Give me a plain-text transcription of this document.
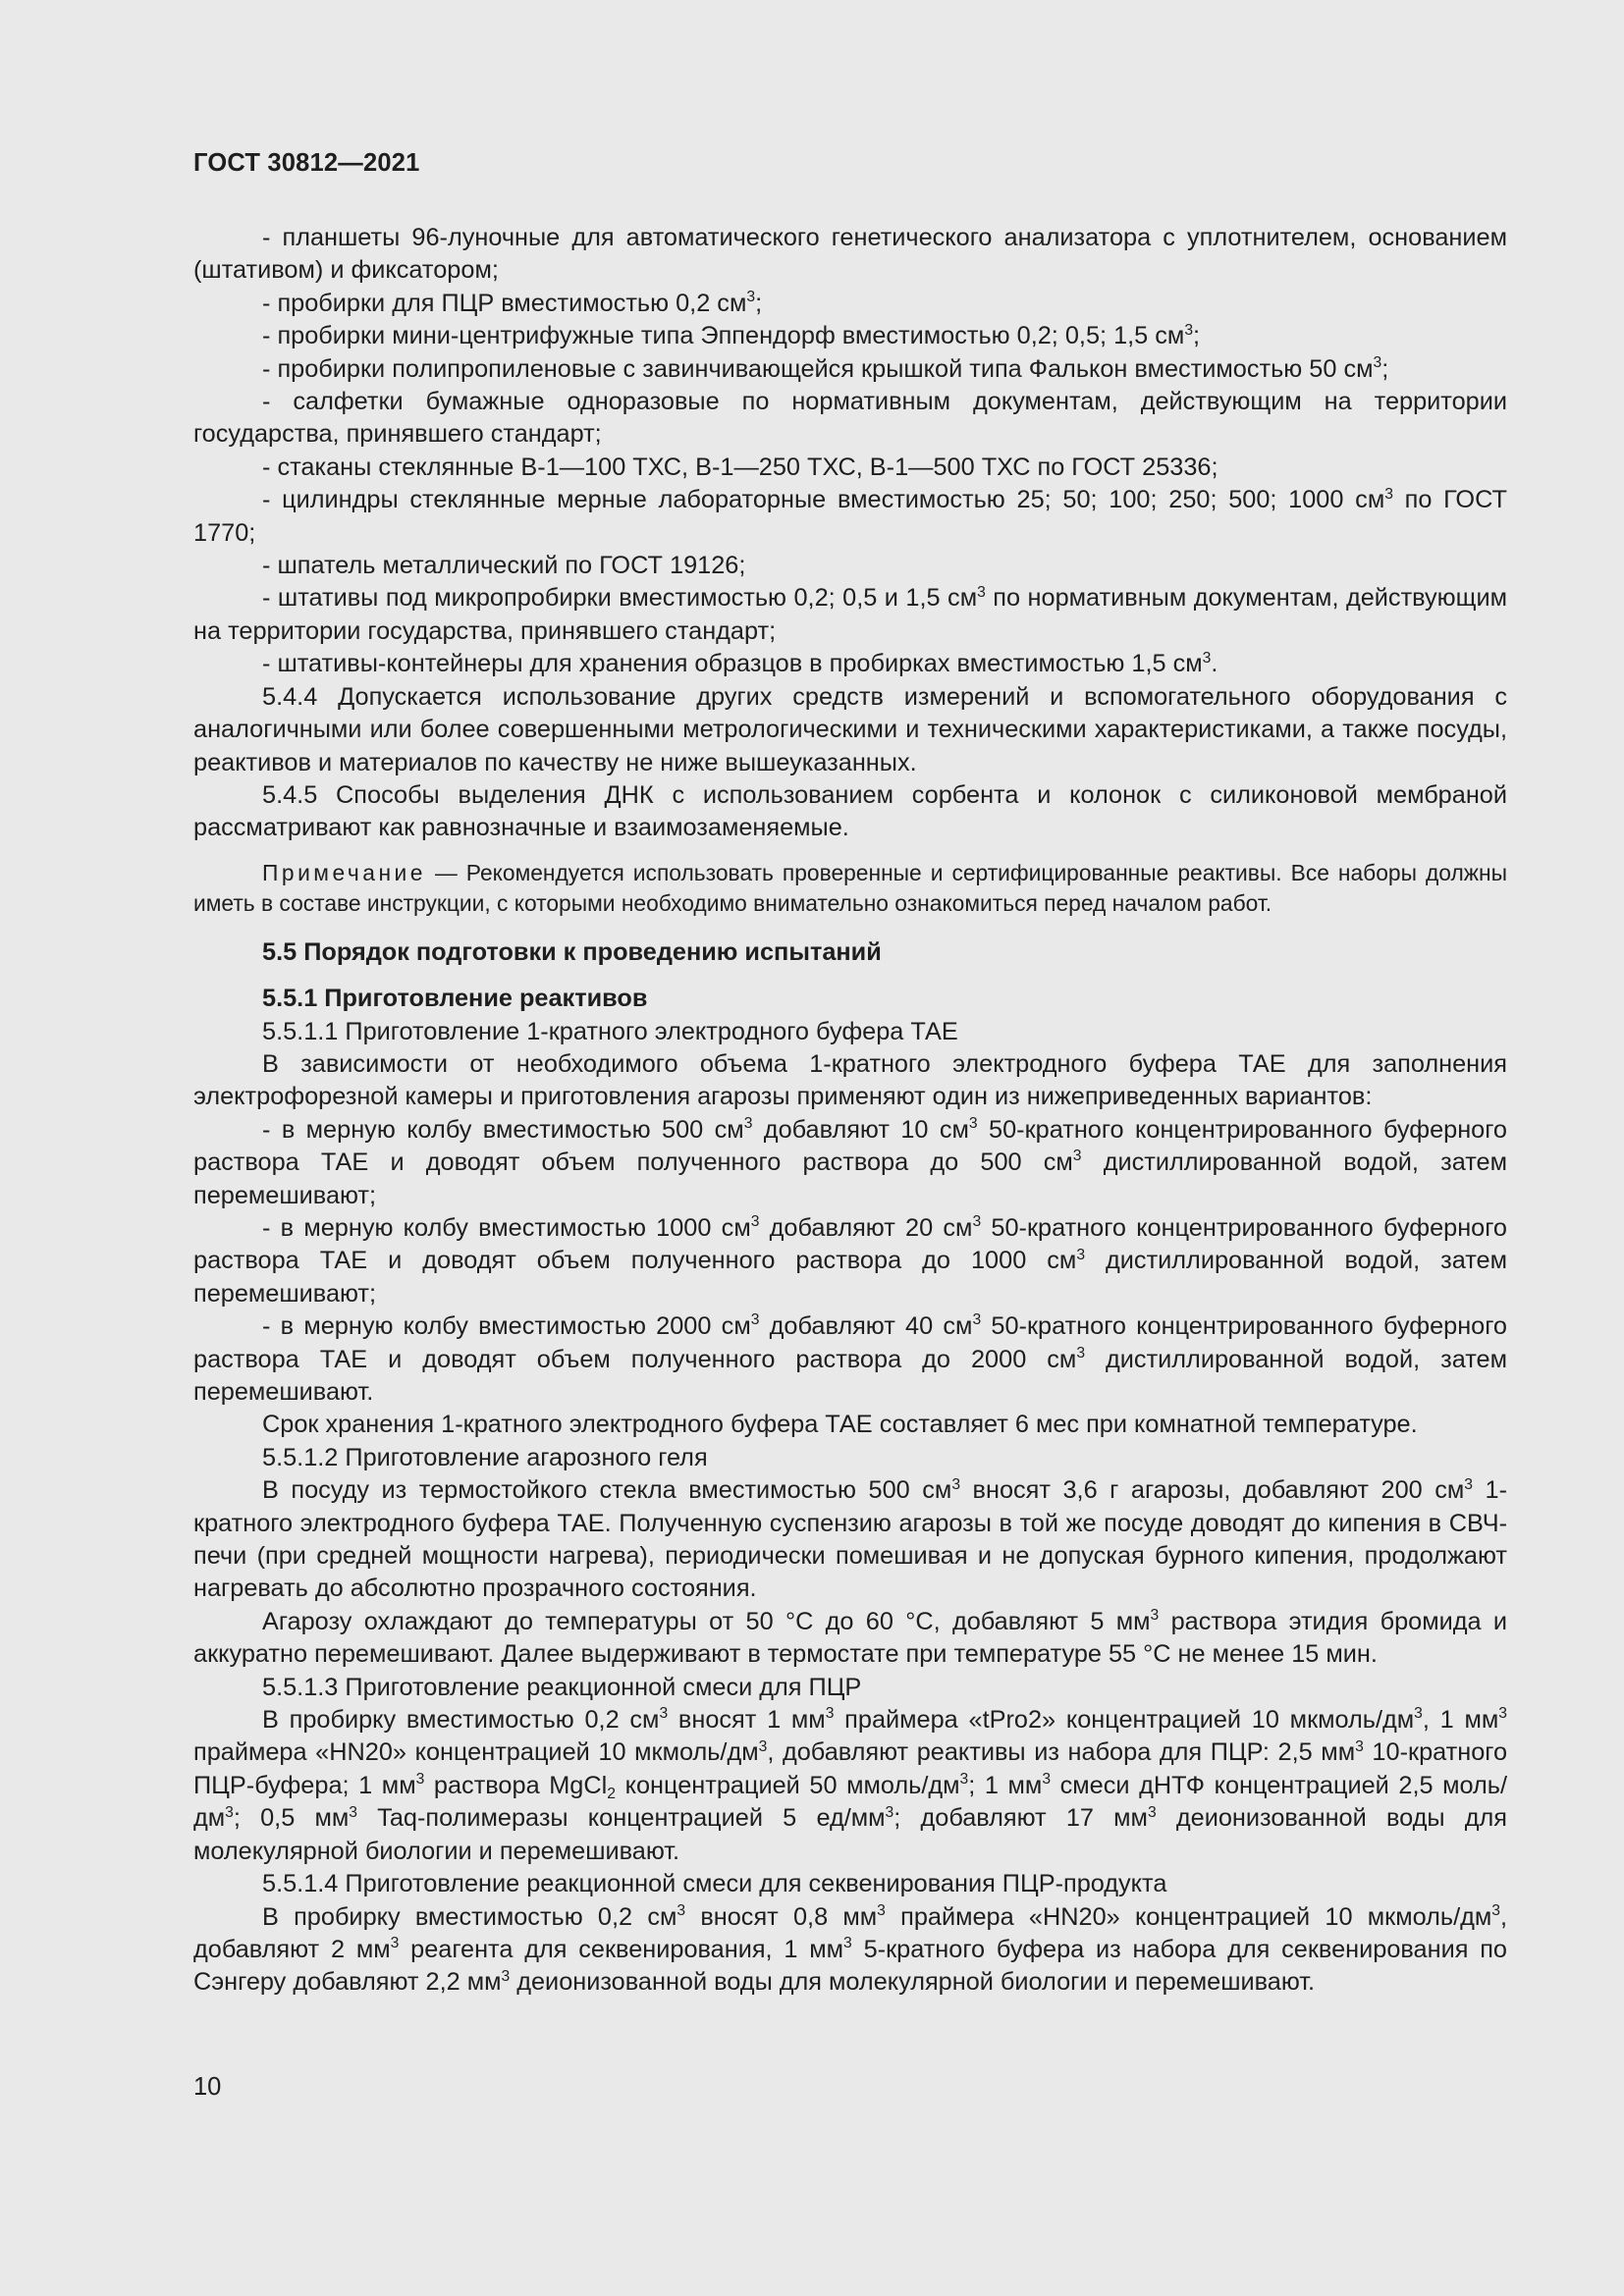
ГОСТ 30812—2021

- планшеты 96-луночные для автоматического генетического анализатора с уплотнителем, основанием (штативом) и фиксатором;

- пробирки для ПЦР вместимостью 0,2 $см^3$;

- пробирки мини-центрифужные типа Эппендорф вместимостью 0,2; 0,5; 1,5 $см^3$;

- пробирки полипропиленовые с завинчивающейся крышкой типа Фалькон вместимостью 50 $см^3$;

- салфетки бумажные одноразовые по нормативным документам, действующим на территории государства, принявшего стандарт;

- стаканы стеклянные В-1—100 ТХС, В-1—250 ТХС, В-1—500 ТХС по ГОСТ 25336;

- цилиндры стеклянные мерные лабораторные вместимостью 25; 50; 100; 250; 500; 1000 $см^3$ по ГОСТ 1770;

- шпатель металлический по ГОСТ 19126;

- штативы под микропробирки вместимостью 0,2; 0,5 и 1,5 $см^3$ по нормативным документам, действующим на территории государства, принявшего стандарт;

- штативы-контейнеры для хранения образцов в пробирках вместимостью 1,5 $см^3$.

5.4.4 Допускается использование других средств измерений и вспомогательного оборудования с аналогичными или более совершенными метрологическими и техническими характеристиками, а также посуды, реактивов и материалов по качеству не ниже вышеуказанных.

5.4.5 Способы выделения ДНК с использованием сорбента и колонок с силиконовой мембраной рассматривают как равнозначные и взаимозаменяемые.

Примечание — Рекомендуется использовать проверенные и сертифицированные реактивы. Все наборы должны иметь в составе инструкции, с которыми необходимо внимательно ознакомиться перед началом работ.

5.5 Порядок подготовки к проведению испытаний

5.5.1 Приготовление реактивов

5.5.1.1 Приготовление 1-кратного электродного буфера ТАЕ

В зависимости от необходимого объема 1-кратного электродного буфера ТАЕ для заполнения электрофорезной камеры и приготовления агарозы применяют один из нижеприведенных вариантов:

- в мерную колбу вместимостью 500 $см^3$ добавляют 10 $см^3$ 50-кратного концентрированного буферного раствора ТАЕ и доводят объем полученного раствора до 500 $см^3$ дистиллированной водой, затем перемешивают;

- в мерную колбу вместимостью 1000 $см^3$ добавляют 20 $см^3$ 50-кратного концентрированного буферного раствора ТАЕ и доводят объем полученного раствора до 1000 $см^3$ дистиллированной водой, затем перемешивают;

- в мерную колбу вместимостью 2000 $см^3$ добавляют 40 $см^3$ 50-кратного концентрированного буферного раствора ТАЕ и доводят объем полученного раствора до 2000 $см^3$ дистиллированной водой, затем перемешивают.

Срок хранения 1-кратного электродного буфера ТАЕ составляет 6 мес при комнатной температуре.

5.5.1.2 Приготовление агарозного геля

В посуду из термостойкого стекла вместимостью 500 $см^3$ вносят 3,6 г агарозы, добавляют 200 $см^3$ 1-кратного электродного буфера ТАЕ. Полученную суспензию агарозы в той же посуде доводят до кипения в СВЧ-печи (при средней мощности нагрева), периодически помешивая и не допуская бурного кипения, продолжают нагревать до абсолютно прозрачного состояния.

Агарозу охлаждают до температуры от 50 °С до 60 °С, добавляют 5 $мм^3$ раствора этидия бромида и аккуратно перемешивают. Далее выдерживают в термостате при температуре 55 °С не менее 15 мин.

5.5.1.3 Приготовление реакционной смеси для ПЦР

В пробирку вместимостью 0,2 $см^3$ вносят 1 $мм^3$ праймера «tPro2» концентрацией 10 мкмоль/$дм^3$, 1 $мм^3$ праймера «HN20» концентрацией 10 мкмоль/$дм^3$, добавляют реактивы из набора для ПЦР: 2,5 $мм^3$ 10-кратного ПЦР-буфера; 1 $мм^3$ раствора MgCl$_2$ концентрацией 50 ммоль/$дм^3$; 1 $мм^3$ смеси дНТФ концентрацией 2,5 моль/$дм^3$; 0,5 $мм^3$ Taq-полимеразы концентрацией 5 $ед/мм^3$; добавляют 17 $мм^3$ деионизованной воды для молекулярной биологии и перемешивают.

5.5.1.4 Приготовление реакционной смеси для секвенирования ПЦР-продукта

В пробирку вместимостью 0,2 $см^3$ вносят 0,8 $мм^3$ праймера «HN20» концентрацией 10 мкмоль/$дм^3$, добавляют 2 $мм^3$ реагента для секвенирования, 1 $мм^3$ 5-кратного буфера из набора для секвенирования по Сэнгеру добавляют 2,2 $мм^3$ деионизованной воды для молекулярной биологии и перемешивают.

10
